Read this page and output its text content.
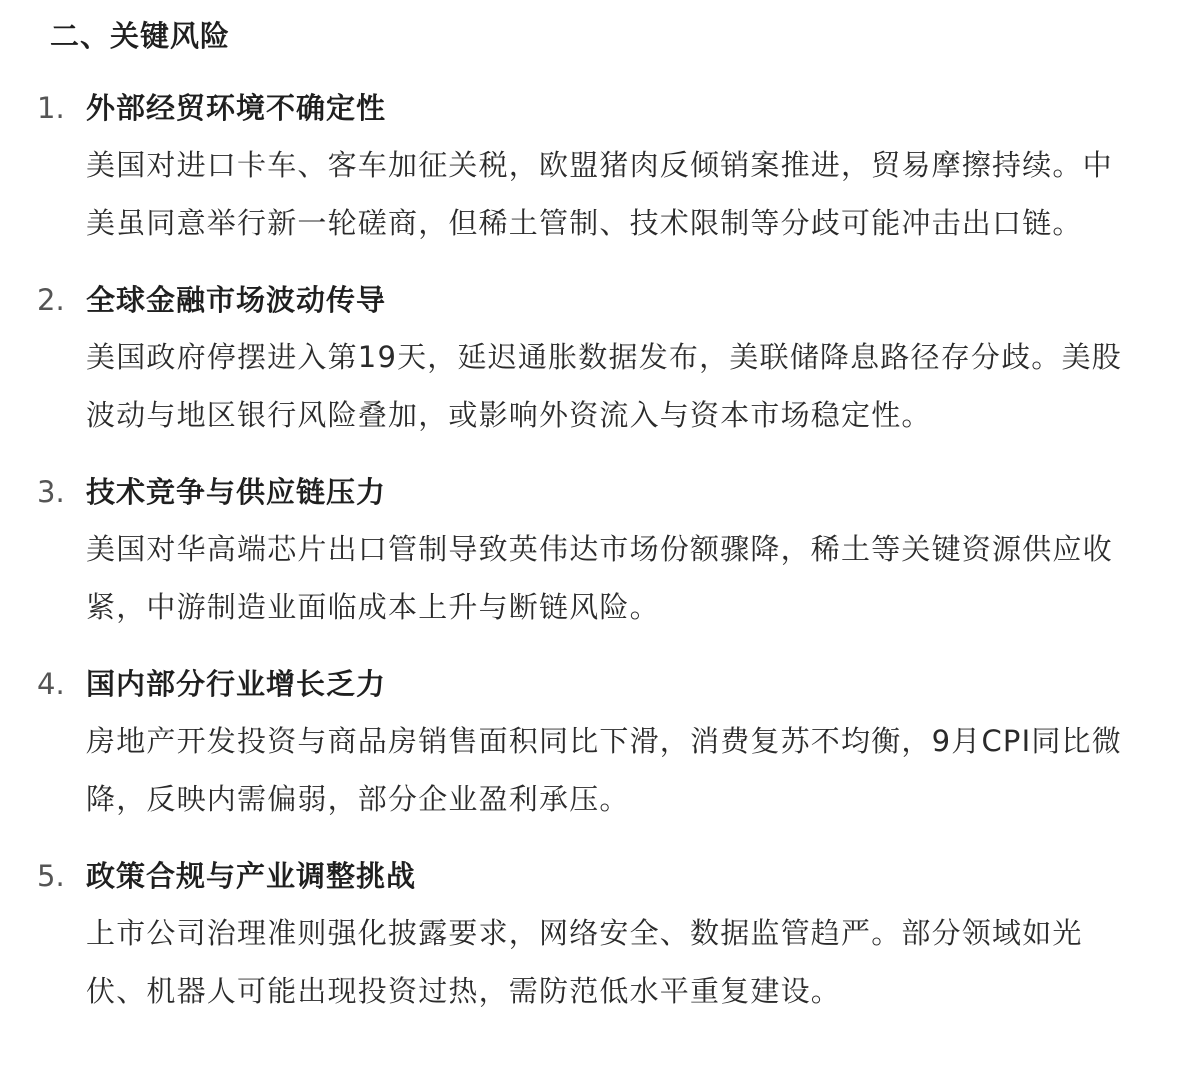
二、关键风险
1. 外部经贸环境不确定性

美国对进口卡车、客车加征关税，欧盟猪肉反倾销案推进，贸易摩擦持续。中美虽同意举行新一轮磋商，但稀土管制、技术限制等分歧可能冲击出口链。

2. 全球金融市场波动传导

美国政府停摆进入第19天，延迟通胀数据发布，美联储降息路径存分歧。美股波动与地区银行风险叠加，或影响外资流入与资本市场稳定性。

3. 技术竞争与供应链压力

美国对华高端芯片出口管制导致英伟达市场份额骤降，稀土等关键资源供应收紧，中游制造业面临成本上升与断链风险。

4. 国内部分行业增长乏力

房地产开发投资与商品房销售面积同比下滑，消费复苏不均衡，9月CPI同比微降，反映内需偏弱，部分企业盈利承压。

5. 政策合规与产业调整挑战

上市公司治理准则强化披露要求，网络安全、数据监管趋严。部分领域如光伏、机器人可能出现投资过热，需防范低水平重复建设。
